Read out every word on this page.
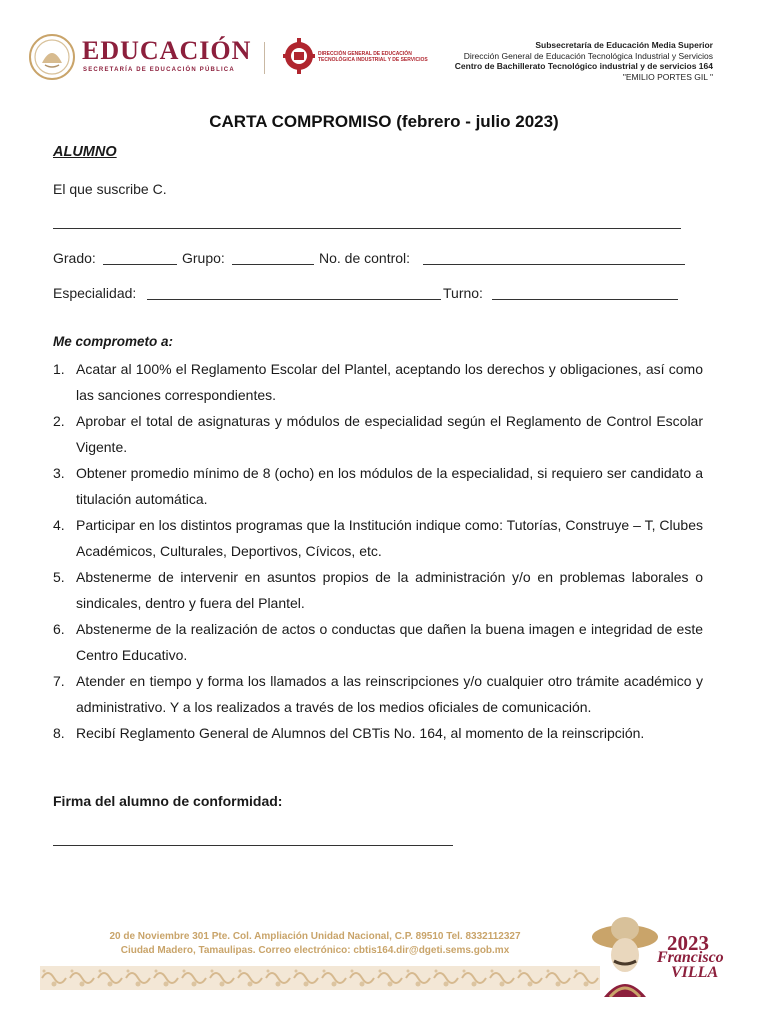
EDUCACIÓN
SECRETARÍA DE EDUCACIÓN PÚBLICA
DIRECCIÓN GENERAL DE EDUCACIÓN TECNOLÓGICA INDUSTRIAL Y DE SERVICIOS
Subsecretaría de Educación Media Superior
Dirección General de Educación Tecnológica Industrial y Servicios
Centro de Bachillerato Tecnológico industrial y de servicios 164
"EMILIO PORTES GIL "
CARTA COMPROMISO (febrero - julio 2023)
ALUMNO
El que suscribe C.
Grado:	Grupo:	No. de control:
Especialidad:	Turno:
Me comprometo a:
1. Acatar al 100% el Reglamento Escolar del Plantel, aceptando los derechos y obligaciones, así como las sanciones correspondientes.
2. Aprobar el total de asignaturas y módulos de especialidad según el Reglamento de Control Escolar Vigente.
3. Obtener promedio mínimo de 8 (ocho) en los módulos de la especialidad, si requiero ser candidato a titulación automática.
4. Participar en los distintos programas que la Institución indique como: Tutorías, Construye – T, Clubes Académicos, Culturales, Deportivos, Cívicos, etc.
5. Abstenerme de intervenir en asuntos propios de la administración y/o en problemas laborales o sindicales, dentro y fuera del Plantel.
6. Abstenerme de la realización de actos o conductas que dañen la buena imagen e integridad de este Centro Educativo.
7. Atender en tiempo y forma los llamados a las reinscripciones y/o cualquier otro trámite académico y administrativo. Y a los realizados a través de los medios oficiales de comunicación.
8. Recibí Reglamento General de Alumnos del CBTis No. 164, al momento de la reinscripción.
Firma del alumno de conformidad:
20 de Noviembre 301 Pte. Col. Ampliación Unidad Nacional, C.P. 89510 Tel. 8332112327
Ciudad Madero, Tamaulipas. Correo electrónico: cbtis164.dir@dgeti.sems.gob.mx	2023
Francisco
VILLA
